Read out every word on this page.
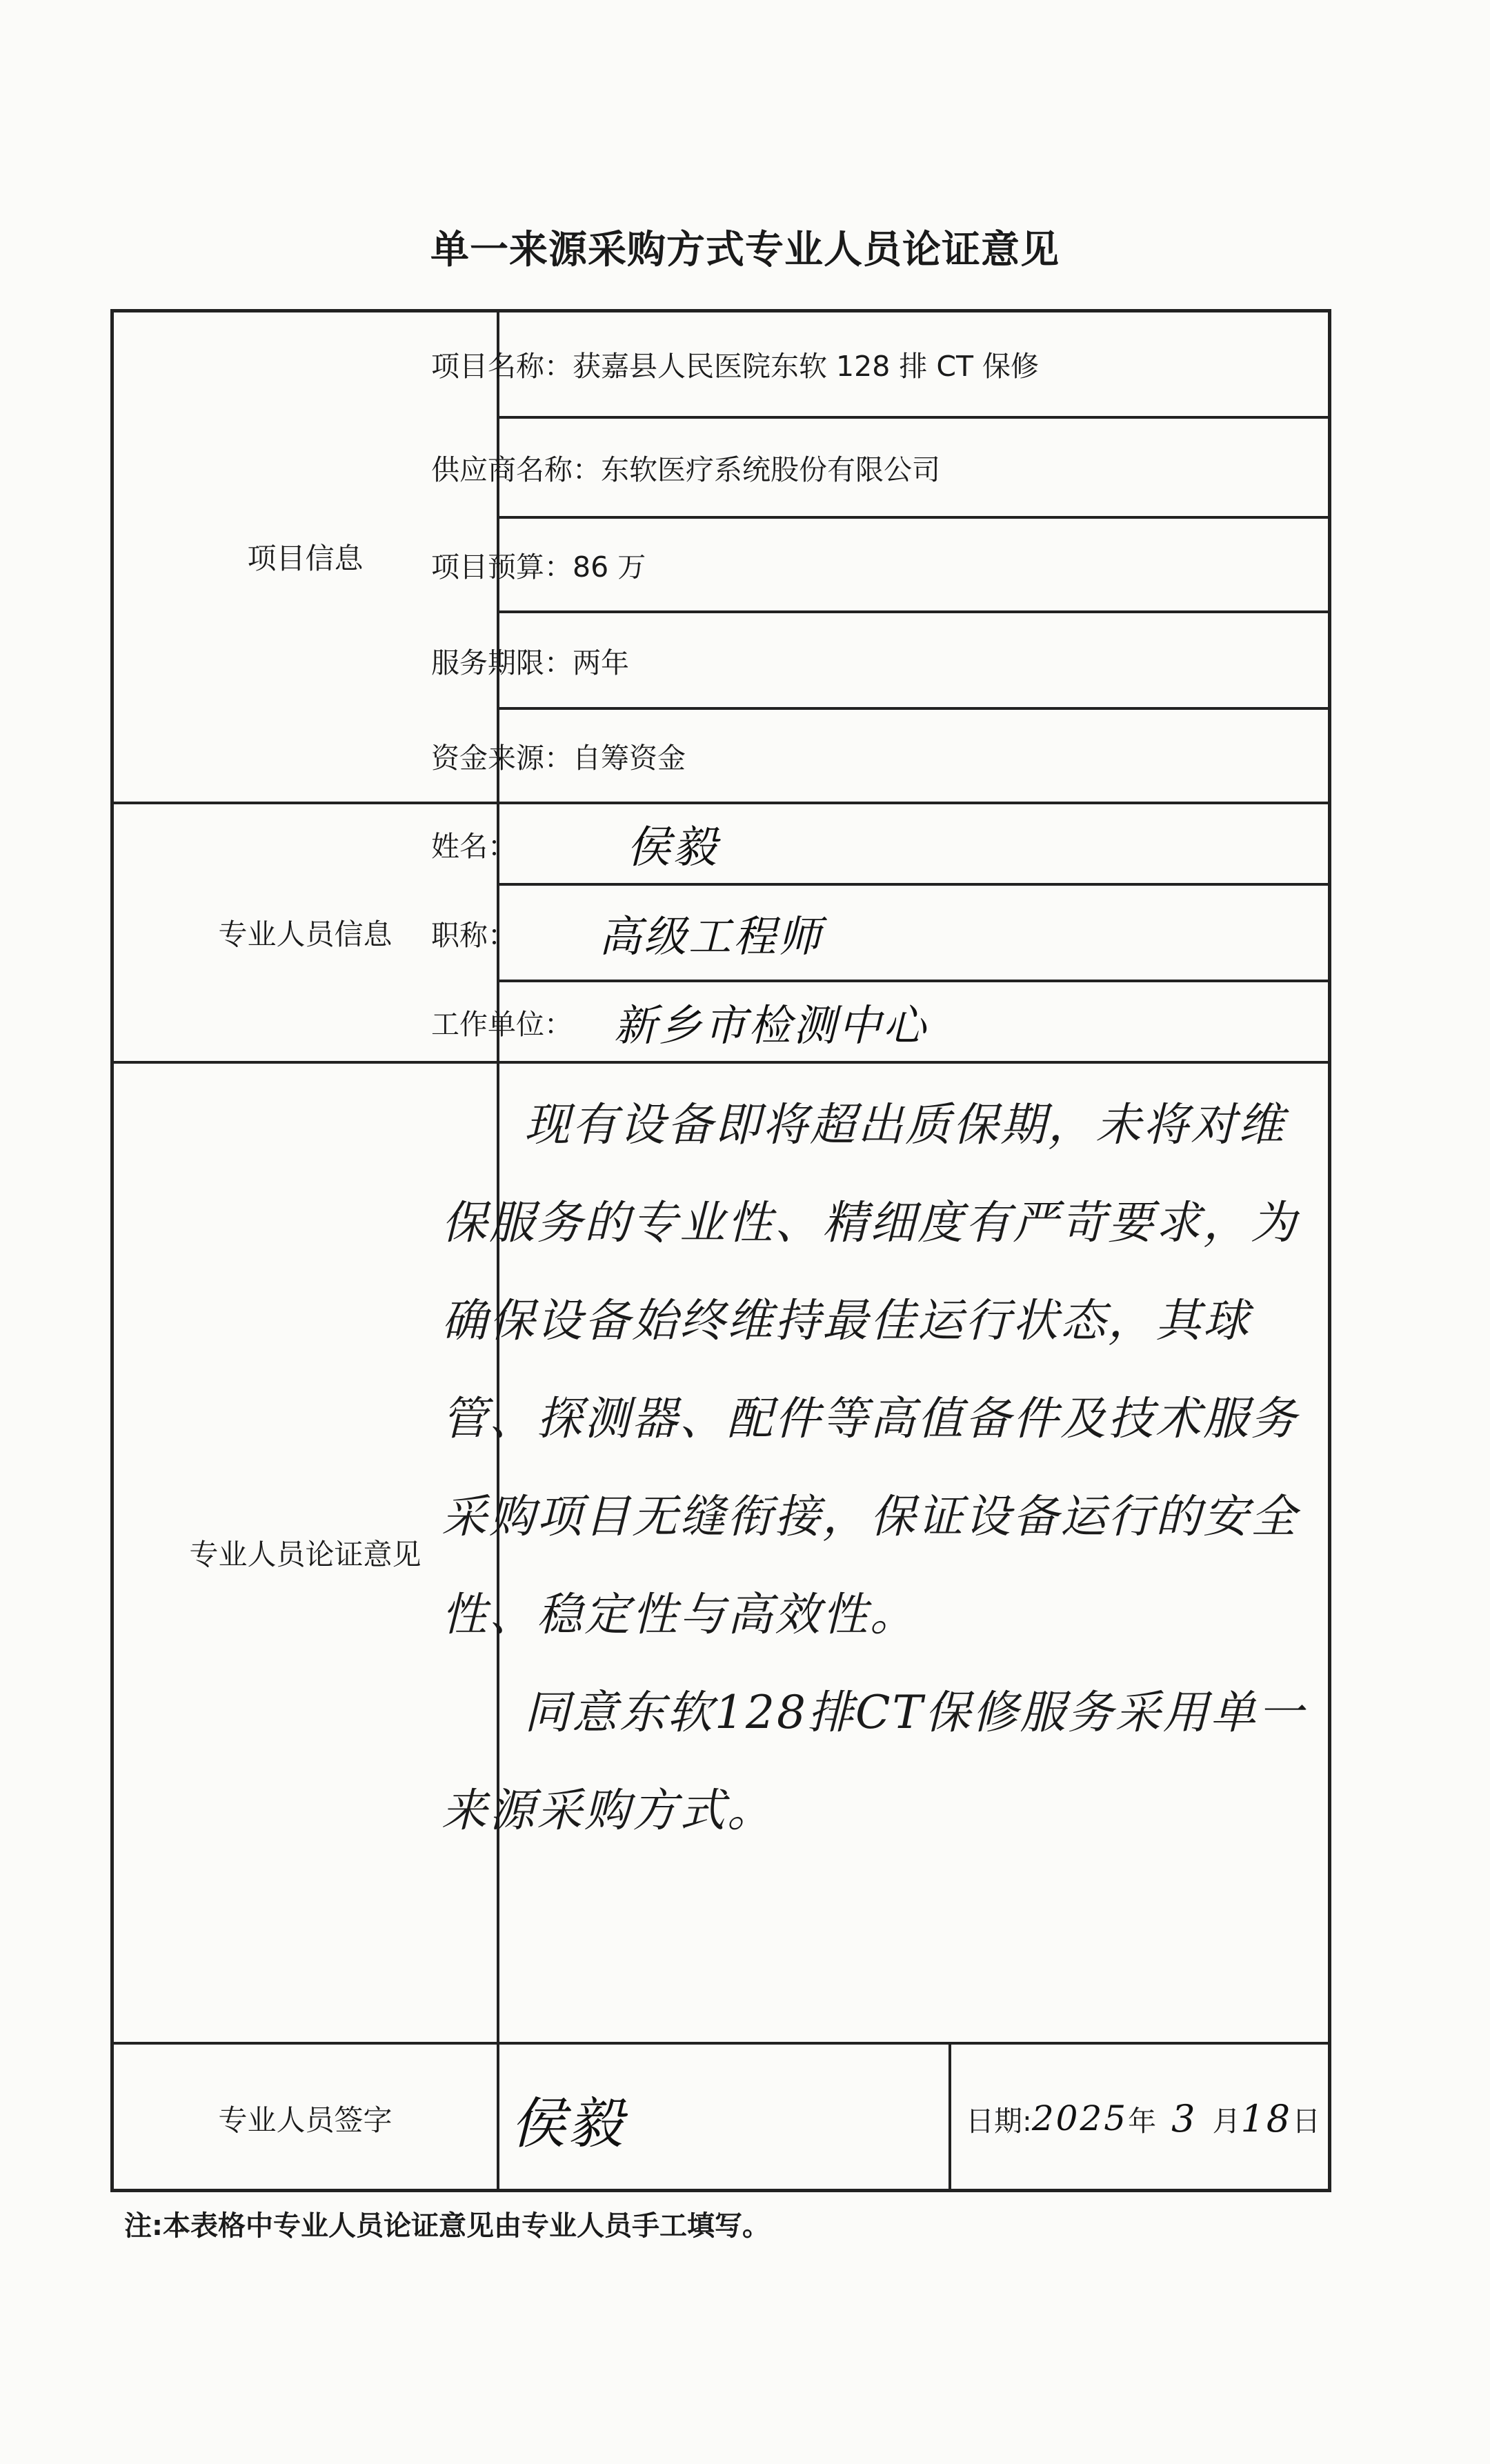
单一来源采购方式专业人员论证意见
项目信息
专业人员信息
专业人员论证意见
专业人员签字
项目名称： 获嘉县人民医院东软 128 排 CT 保修
供应商名称： 东软医疗系统股份有限公司
项目预算： 86 万
服务期限： 两年
资金来源： 自筹资金
姓名：	侯毅
职称： 高级工程师
工作单位： 新乡市检测中心

现有设备即将超出质保期，未将对维保服务的专业性、精细度有严苛要求，为确保设备始终维持最佳运行状态，其球管、探测器、配件等高值备件及技术服务采购项目无缝衔接，保证设备运行的安全性、稳定性与高效性。

同意东软128排CT保修服务采用单一来源采购方式。

侯毅	日期: 2025 年 3 月 18 日
注:本表格中专业人员论证意见由专业人员手工填写。
